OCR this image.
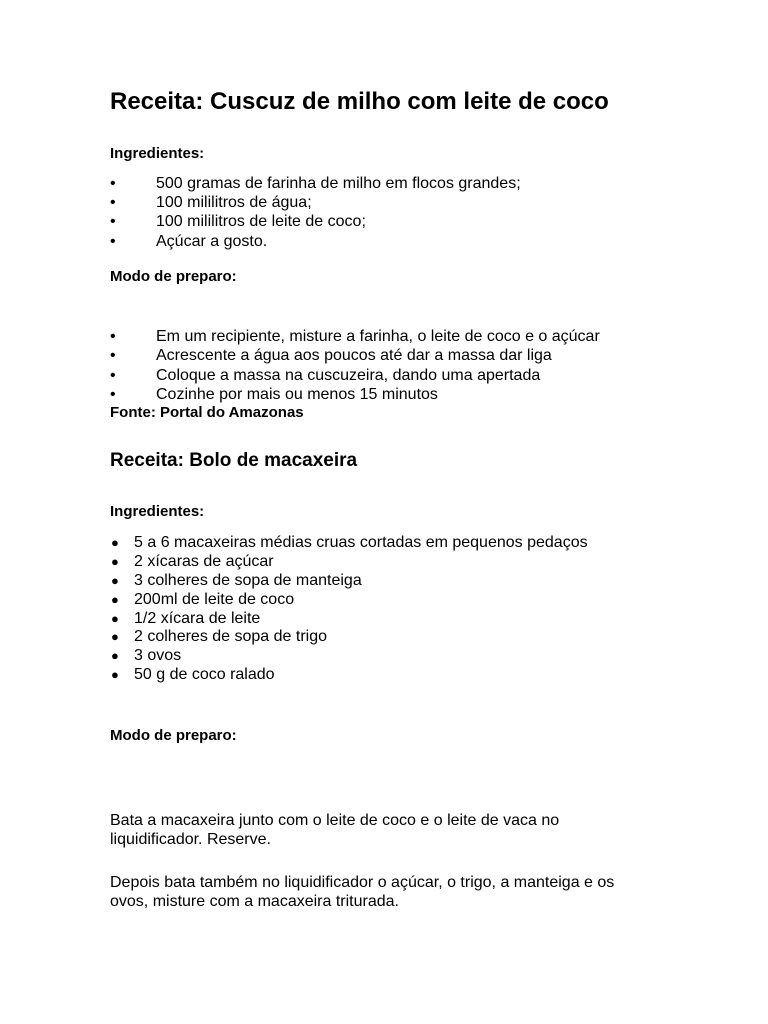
Receita: Cuscuz de milho com leite de coco
Ingredientes:
•	500 gramas de farinha de milho em flocos grandes;
•	100 mililitros de água;
•	100 mililitros de leite de coco;
•	Açúcar a gosto.
Modo de preparo:
•	Em um recipiente, misture a farinha, o leite de coco e o açúcar
•	Acrescente a água aos poucos até dar a massa dar liga
•	Coloque a massa na cuscuzeira, dando uma apertada
•	Cozinhe por mais ou menos 15 minutos
Fonte: Portal do Amazonas
Receita: Bolo de macaxeira
Ingredientes:
● 5 a 6 macaxeiras médias cruas cortadas em pequenos pedaços
● 2 xícaras de açúcar
● 3 colheres de sopa de manteiga
● 200ml de leite de coco
● 1/2 xícara de leite
● 2 colheres de sopa de trigo
● 3 ovos
● 50 g de coco ralado
Modo de preparo:
Bata a macaxeira junto com o leite de coco e o leite de vaca no liquidificador. Reserve.
Depois bata também no liquidificador o açúcar, o trigo, a manteiga e os ovos, misture com a macaxeira triturada.
